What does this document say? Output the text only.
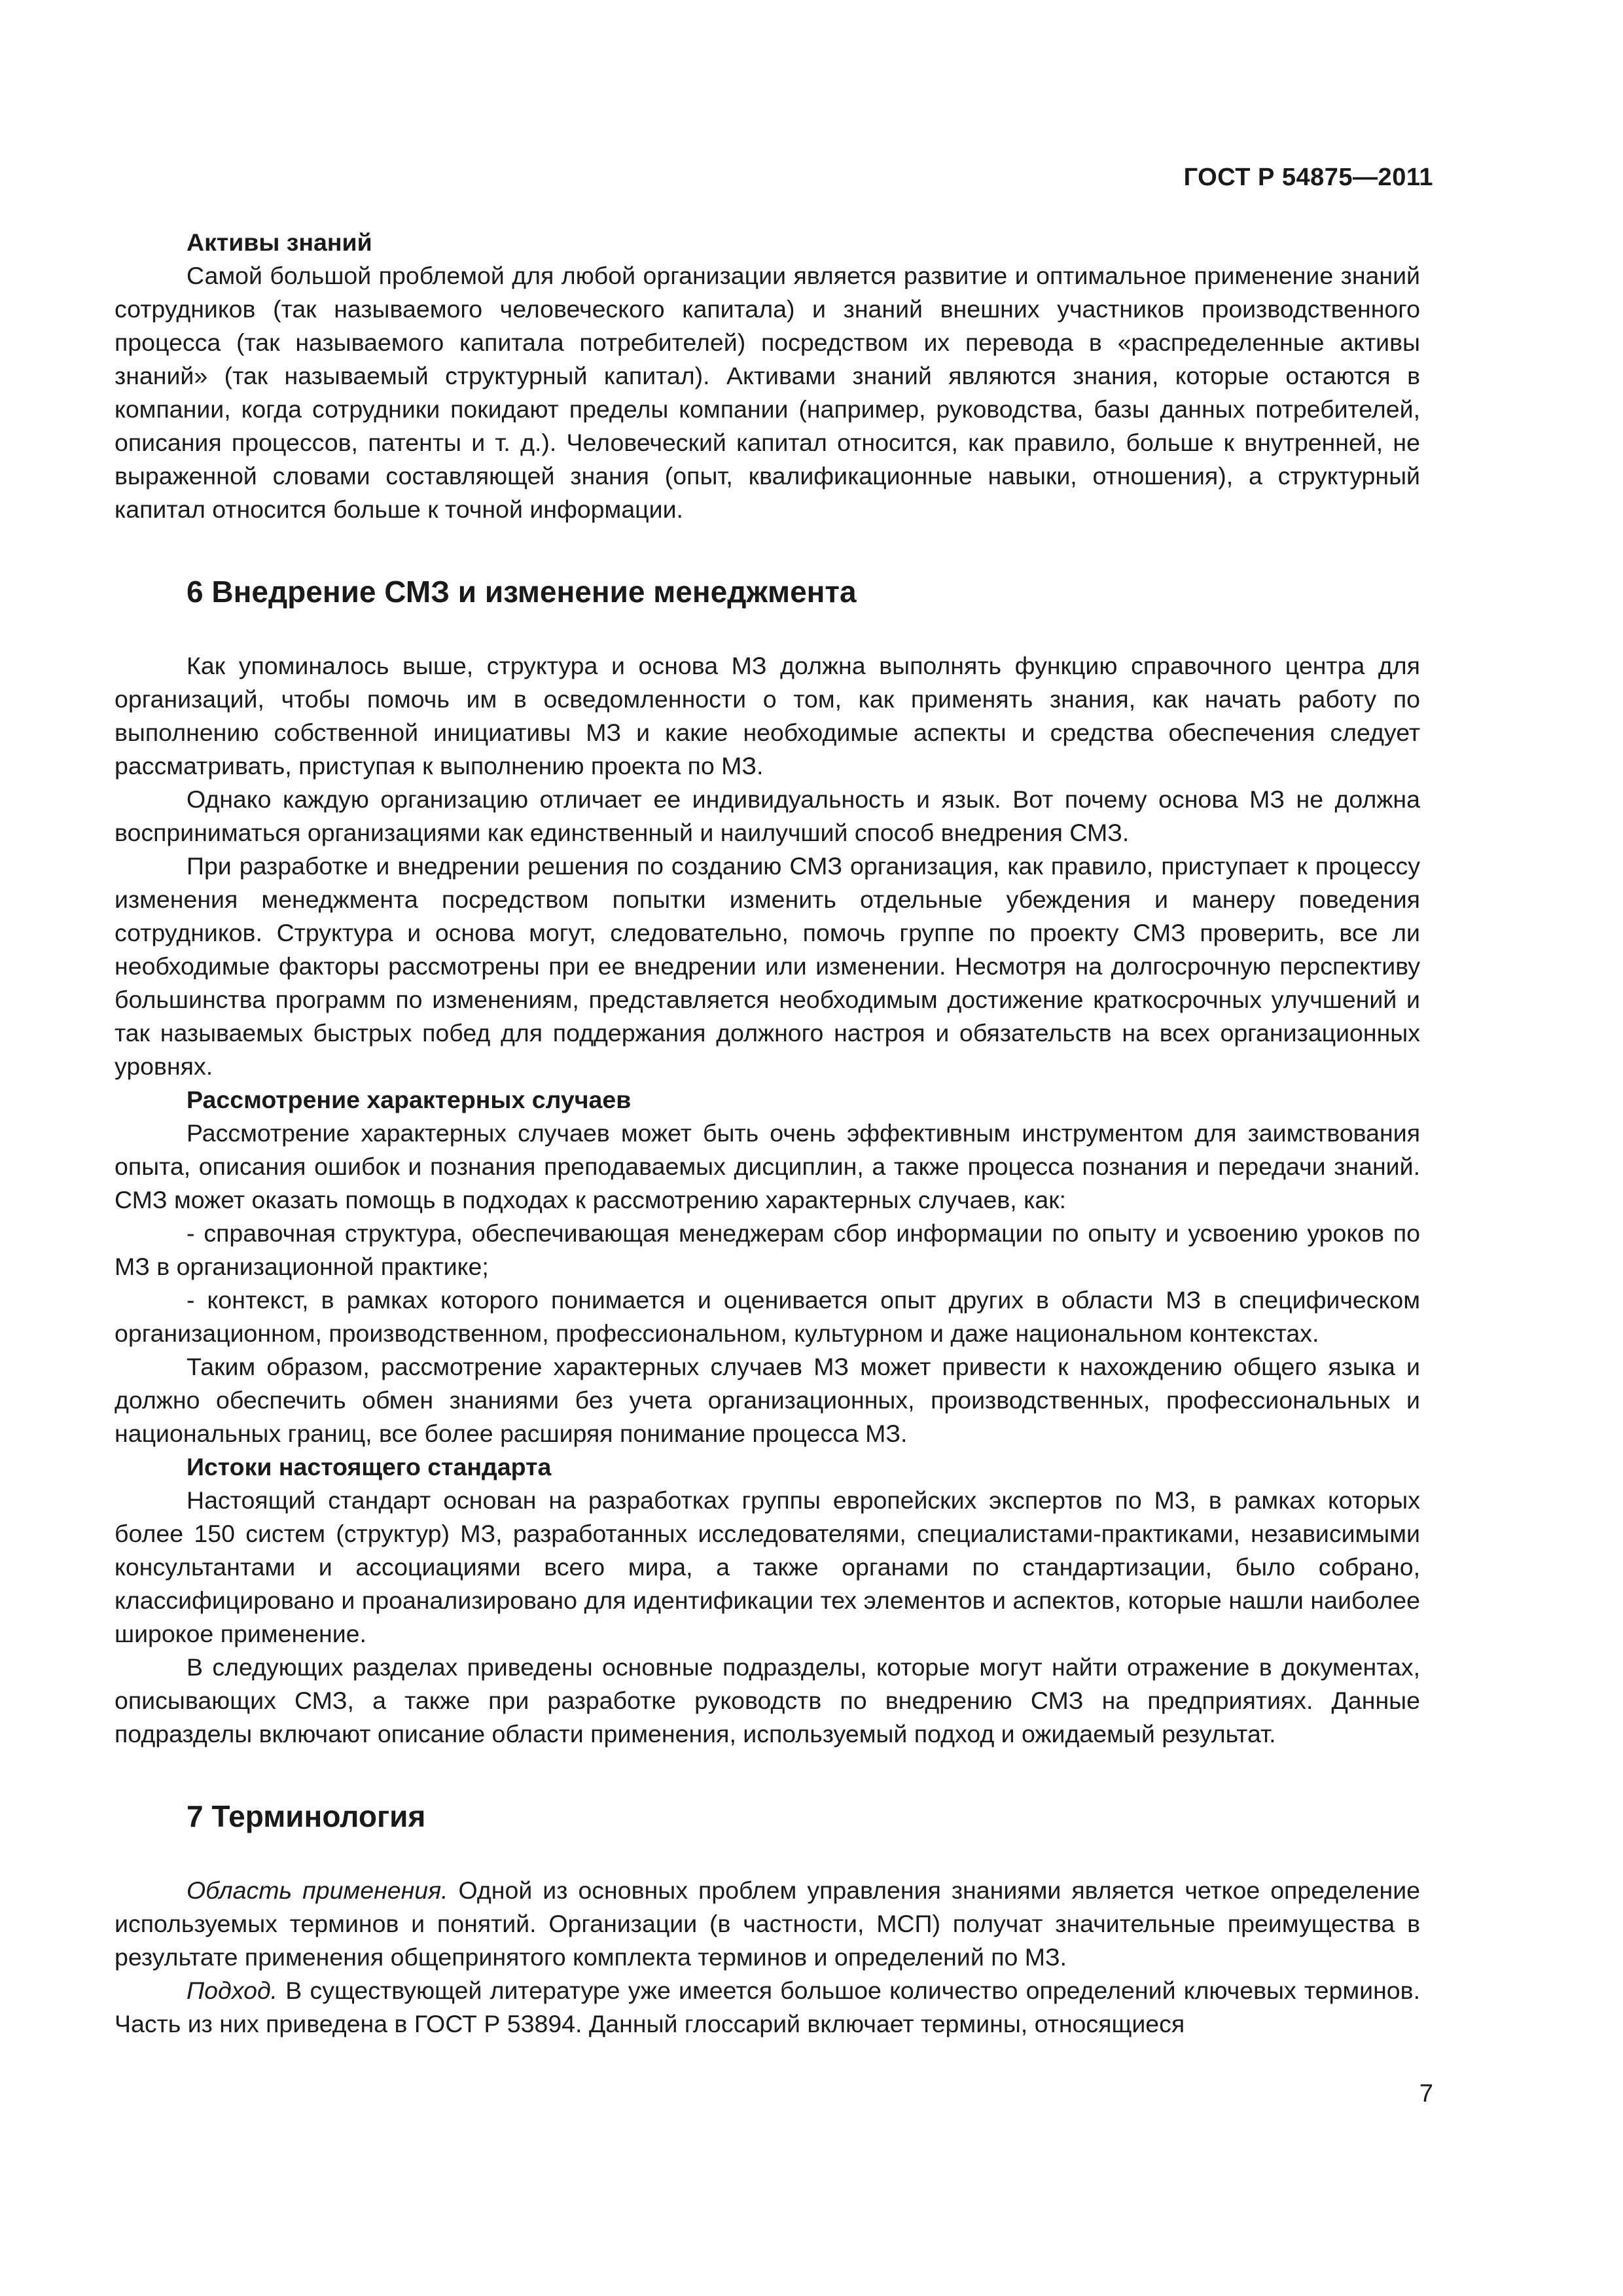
ГОСТ Р 54875—2011
Активы знаний

Самой большой проблемой для любой организации является развитие и оптимальное применение знаний сотрудников (так называемого человеческого капитала) и знаний внешних участников производственного процесса (так называемого капитала потребителей) посредством их перевода в «распределенные активы знаний» (так называемый структурный капитал). Активами знаний являются знания, которые остаются в компании, когда сотрудники покидают пределы компании (например, руководства, базы данных потребителей, описания процессов, патенты и т. д.). Человеческий капитал относится, как правило, больше к внутренней, не выраженной словами составляющей знания (опыт, квалификационные навыки, отношения), а структурный капитал относится больше к точной информации.

6 Внедрение СМЗ и изменение менеджмента

Как упоминалось выше, структура и основа МЗ должна выполнять функцию справочного центра для организаций, чтобы помочь им в осведомленности о том, как применять знания, как начать работу по выполнению собственной инициативы МЗ и какие необходимые аспекты и средства обеспечения следует рассматривать, приступая к выполнению проекта по МЗ.

Однако каждую организацию отличает ее индивидуальность и язык. Вот почему основа МЗ не должна восприниматься организациями как единственный и наилучший способ внедрения СМЗ.

При разработке и внедрении решения по созданию СМЗ организация, как правило, приступает к процессу изменения менеджмента посредством попытки изменить отдельные убеждения и манеру поведения сотрудников. Структура и основа могут, следовательно, помочь группе по проекту СМЗ проверить, все ли необходимые факторы рассмотрены при ее внедрении или изменении. Несмотря на долгосрочную перспективу большинства программ по изменениям, представляется необходимым достижение краткосрочных улучшений и так называемых быстрых побед для поддержания должного настроя и обязательств на всех организационных уровнях.

Рассмотрение характерных случаев

Рассмотрение характерных случаев может быть очень эффективным инструментом для заимствования опыта, описания ошибок и познания преподаваемых дисциплин, а также процесса познания и передачи знаний. СМЗ может оказать помощь в подходах к рассмотрению характерных случаев, как:

- справочная структура, обеспечивающая менеджерам сбор информации по опыту и усвоению уроков по МЗ в организационной практике;

- контекст, в рамках которого понимается и оценивается опыт других в области МЗ в специфическом организационном, производственном, профессиональном, культурном и даже национальном контекстах.

Таким образом, рассмотрение характерных случаев МЗ может привести к нахождению общего языка и должно обеспечить обмен знаниями без учета организационных, производственных, профессиональных и национальных границ, все более расширяя понимание процесса МЗ.

Истоки настоящего стандарта

Настоящий стандарт основан на разработках группы европейских экспертов по МЗ, в рамках которых более 150 систем (структур) МЗ, разработанных исследователями, специалистами-практиками, независимыми консультантами и ассоциациями всего мира, а также органами по стандартизации, было собрано, классифицировано и проанализировано для идентификации тех элементов и аспектов, которые нашли наиболее широкое применение.

В следующих разделах приведены основные подразделы, которые могут найти отражение в документах, описывающих СМЗ, а также при разработке руководств по внедрению СМЗ на предприятиях. Данные подразделы включают описание области применения, используемый подход и ожидаемый результат.

7 Терминология

Область применения. Одной из основных проблем управления знаниями является четкое определение используемых терминов и понятий. Организации (в частности, МСП) получат значительные преимущества в результате применения общепринятого комплекта терминов и определений по МЗ.

Подход. В существующей литературе уже имеется большое количество определений ключевых терминов. Часть из них приведена в ГОСТ Р 53894. Данный глоссарий включает термины, относящиеся

7
